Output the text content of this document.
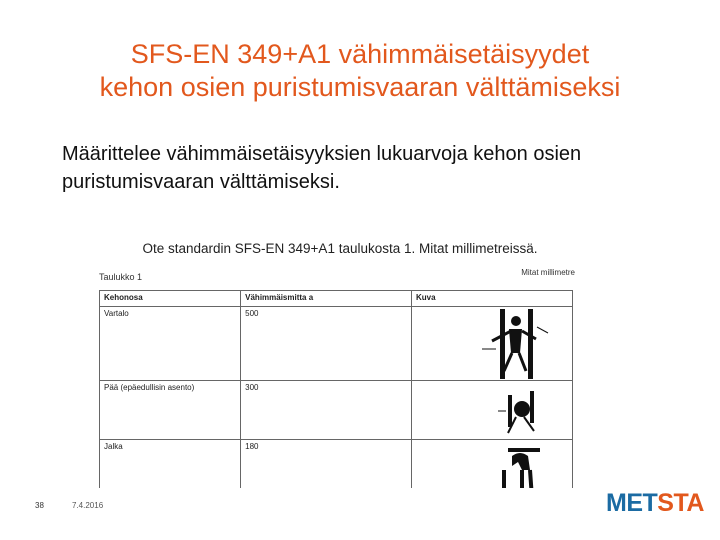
SFS-EN 349+A1 vähimmäisetäisyydet
kehon osien puristumisvaaran välttämiseksi
Määrittelee vähimmäisetäisyyksien lukuarvoja kehon osien
puristumisvaaran välttämiseksi.
Ote standardin SFS-EN 349+A1 taulukosta 1. Mitat millimetreissä.
Taulukko 1	Mitat millimetre
Kehonosa	Vähimmäismitta a	Kuva
Vartalo	500	

Pää (epäedullisin asento)	300	

Jalka	180	
38	7.4.2016	METSTA
